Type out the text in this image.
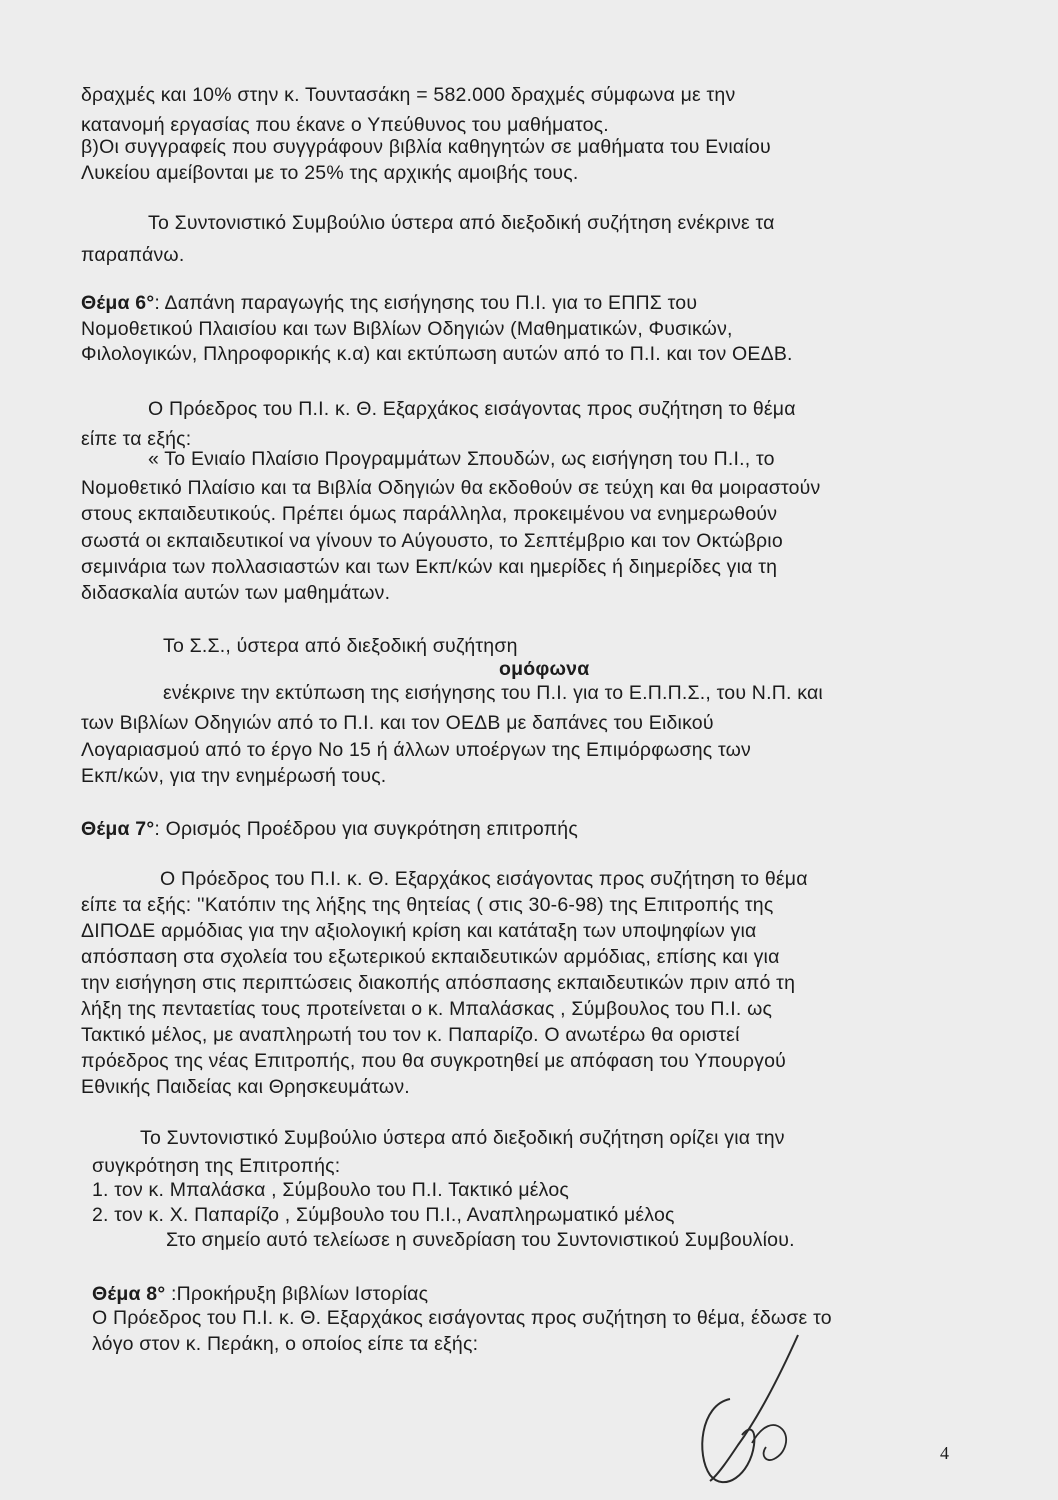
δραχμές και 10% στην κ. Τουντασάκη = 582.000 δραχμές σύμφωνα με την
κατανομή εργασίας που έκανε ο Υπεύθυνος του μαθήματος.
β)Οι συγγραφείς που συγγράφουν βιβλία καθηγητών σε μαθήματα του Ενιαίου
Λυκείου αμείβονται με το 25% της αρχικής αμοιβής τους.
Το Συντονιστικό Συμβούλιο ύστερα από διεξοδική συζήτηση ενέκρινε τα
παραπάνω.
Θέμα 6°: Δαπάνη παραγωγής της εισήγησης του Π.Ι. για το ΕΠΠΣ του
Νομοθετικού Πλαισίου και των Βιβλίων Οδηγιών (Μαθηματικών, Φυσικών,
Φιλολογικών, Πληροφορικής κ.α) και εκτύπωση αυτών από το Π.Ι. και τον ΟΕΔΒ.
Ο Πρόεδρος του Π.Ι. κ. Θ. Εξαρχάκος εισάγοντας προς συζήτηση το θέμα
είπε τα εξής:
« Το Ενιαίο Πλαίσιο Προγραμμάτων Σπουδών, ως εισήγηση του Π.Ι., το
Νομοθετικό Πλαίσιο και τα Βιβλία Οδηγιών θα εκδοθούν σε τεύχη και θα μοιραστούν
στους εκπαιδευτικούς. Πρέπει όμως παράλληλα, προκειμένου να ενημερωθούν
σωστά οι εκπαιδευτικοί να γίνουν το Αύγουστο, το Σεπτέμβριο και τον Οκτώβριο
σεμινάρια των πολλασιαστών και των Εκπ/κών και ημερίδες ή διημερίδες για τη
διδασκαλία αυτών των μαθημάτων.
Το Σ.Σ., ύστερα από διεξοδική συζήτηση
ομόφωνα
ενέκρινε την εκτύπωση της εισήγησης του Π.Ι. για το Ε.Π.Π.Σ., του Ν.Π. και
των Βιβλίων Οδηγιών από το Π.Ι. και τον ΟΕΔΒ με δαπάνες του Ειδικού
Λογαριασμού από το έργο Νο 15 ή άλλων υποέργων της Επιμόρφωσης των
Εκπ/κών, για την ενημέρωσή τους.
Θέμα 7°: Ορισμός Προέδρου για συγκρότηση επιτροπής
Ο Πρόεδρος του Π.Ι. κ. Θ. Εξαρχάκος εισάγοντας προς συζήτηση το θέμα
είπε τα εξής: ''Κατόπιν της λήξης της θητείας ( στις 30-6-98) της Επιτροπής της
ΔΙΠΟΔΕ αρμόδιας για την αξιολογική κρίση και κατάταξη των υποψηφίων για
απόσπαση στα σχολεία του εξωτερικού εκπαιδευτικών αρμόδιας, επίσης και για
την εισήγηση στις περιπτώσεις διακοπής απόσπασης εκπαιδευτικών πριν από τη
λήξη της πενταετίας τους προτείνεται ο κ. Μπαλάσκας , Σύμβουλος του Π.Ι. ως
Τακτικό μέλος, με αναπληρωτή του τον κ. Παπαρίζο. Ο ανωτέρω θα οριστεί
πρόεδρος της νέας Επιτροπής, που θα συγκροτηθεί με απόφαση του Υπουργού
Εθνικής Παιδείας και Θρησκευμάτων.
Το Συντονιστικό Συμβούλιο ύστερα από διεξοδική συζήτηση ορίζει για την
συγκρότηση της Επιτροπής:
1. τον κ. Μπαλάσκα , Σύμβουλο του Π.Ι. Τακτικό μέλος
2. τον κ. Χ. Παπαρίζο , Σύμβουλο του Π.Ι., Αναπληρωματικό μέλος
Στο σημείο αυτό τελείωσε η συνεδρίαση του Συντονιστικού Συμβουλίου.
Θέμα 8° :Προκήρυξη βιβλίων Ιστορίας
Ο Πρόεδρος του Π.Ι. κ. Θ. Εξαρχάκος εισάγοντας προς συζήτηση το θέμα, έδωσε το
λόγο στον κ. Περάκη, ο οποίος είπε τα εξής:
4
